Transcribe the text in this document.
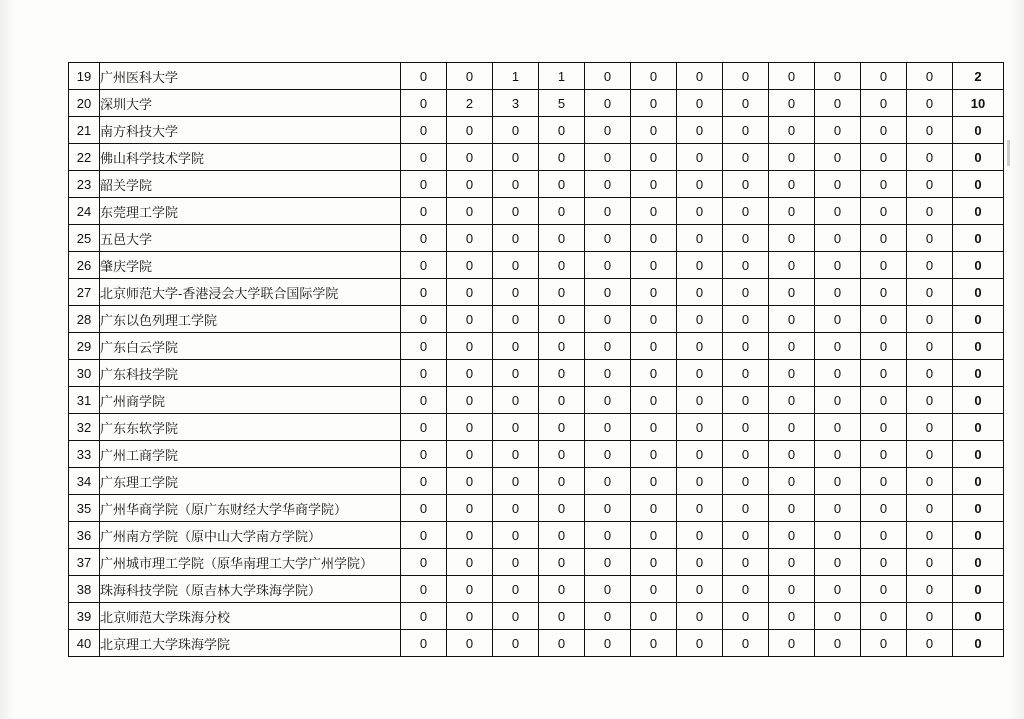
19	广州医科大学	0	0	1	1	0	0	0	0	0	0	0	0	2
20	深圳大学	0	2	3	5	0	0	0	0	0	0	0	0	10
21	南方科技大学	0	0	0	0	0	0	0	0	0	0	0	0	0
22	佛山科学技术学院	0	0	0	0	0	0	0	0	0	0	0	0	0
23	韶关学院	0	0	0	0	0	0	0	0	0	0	0	0	0
24	东莞理工学院	0	0	0	0	0	0	0	0	0	0	0	0	0
25	五邑大学	0	0	0	0	0	0	0	0	0	0	0	0	0
26	肇庆学院	0	0	0	0	0	0	0	0	0	0	0	0	0
27	北京师范大学-香港浸会大学联合国际学院	0	0	0	0	0	0	0	0	0	0	0	0	0
28	广东以色列理工学院	0	0	0	0	0	0	0	0	0	0	0	0	0
29	广东白云学院	0	0	0	0	0	0	0	0	0	0	0	0	0
30	广东科技学院	0	0	0	0	0	0	0	0	0	0	0	0	0
31	广州商学院	0	0	0	0	0	0	0	0	0	0	0	0	0
32	广东东软学院	0	0	0	0	0	0	0	0	0	0	0	0	0
33	广州工商学院	0	0	0	0	0	0	0	0	0	0	0	0	0
34	广东理工学院	0	0	0	0	0	0	0	0	0	0	0	0	0
35	广州华商学院（原广东财经大学华商学院）	0	0	0	0	0	0	0	0	0	0	0	0	0
36	广州南方学院（原中山大学南方学院）	0	0	0	0	0	0	0	0	0	0	0	0	0
37	广州城市理工学院（原华南理工大学广州学院）	0	0	0	0	0	0	0	0	0	0	0	0	0
38	珠海科技学院（原吉林大学珠海学院）	0	0	0	0	0	0	0	0	0	0	0	0	0
39	北京师范大学珠海分校	0	0	0	0	0	0	0	0	0	0	0	0	0
40	北京理工大学珠海学院	0	0	0	0	0	0	0	0	0	0	0	0	0
